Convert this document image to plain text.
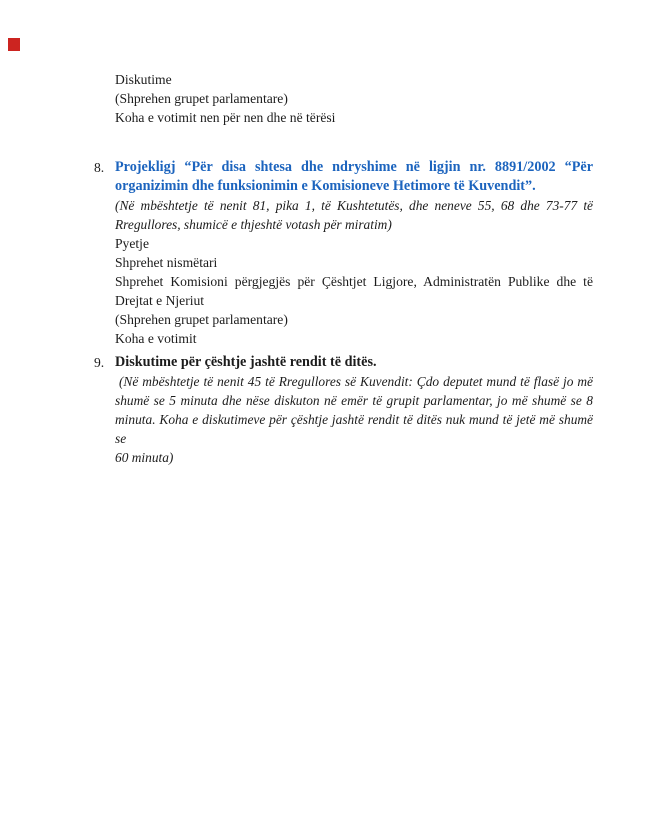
Diskutime
(Shprehen grupet parlamentare)
Koha e votimit nen për nen dhe në tërësi
8. Projekligj “Për disa shtesa dhe ndryshime në ligjin nr. 8891/2002 “Për
organizimin dhe funksionimin e Komisioneve Hetimore të Kuvendit”.
(Në mbështetje të nenit 81, pika 1, të Kushtetutës, dhe neneve 55, 68 dhe 73-77 të
Rregullores, shumicë e thjeshtë votash për miratim)
Pyetje
Shprehet nismëtari
Shprehet Komisioni përgjegjës për Çështjet Ligjore, Administratën Publike dhe të
Drejtat e Njeriut
(Shprehen grupet parlamentare)
Koha e votimit
9. Diskutime për çështje jashtë rendit të ditës.
(Në mbështetje të nenit 45 të Rregullores së Kuvendit: Çdo deputet mund të flasë jo më
shumë se 5 minuta dhe nëse diskuton në emër të grupit parlamentar, jo më shumë se 8
minuta. Koha e diskutimeve për çështje jashtë rendit të ditës nuk mund të jetë më shumë se
60 minuta)
